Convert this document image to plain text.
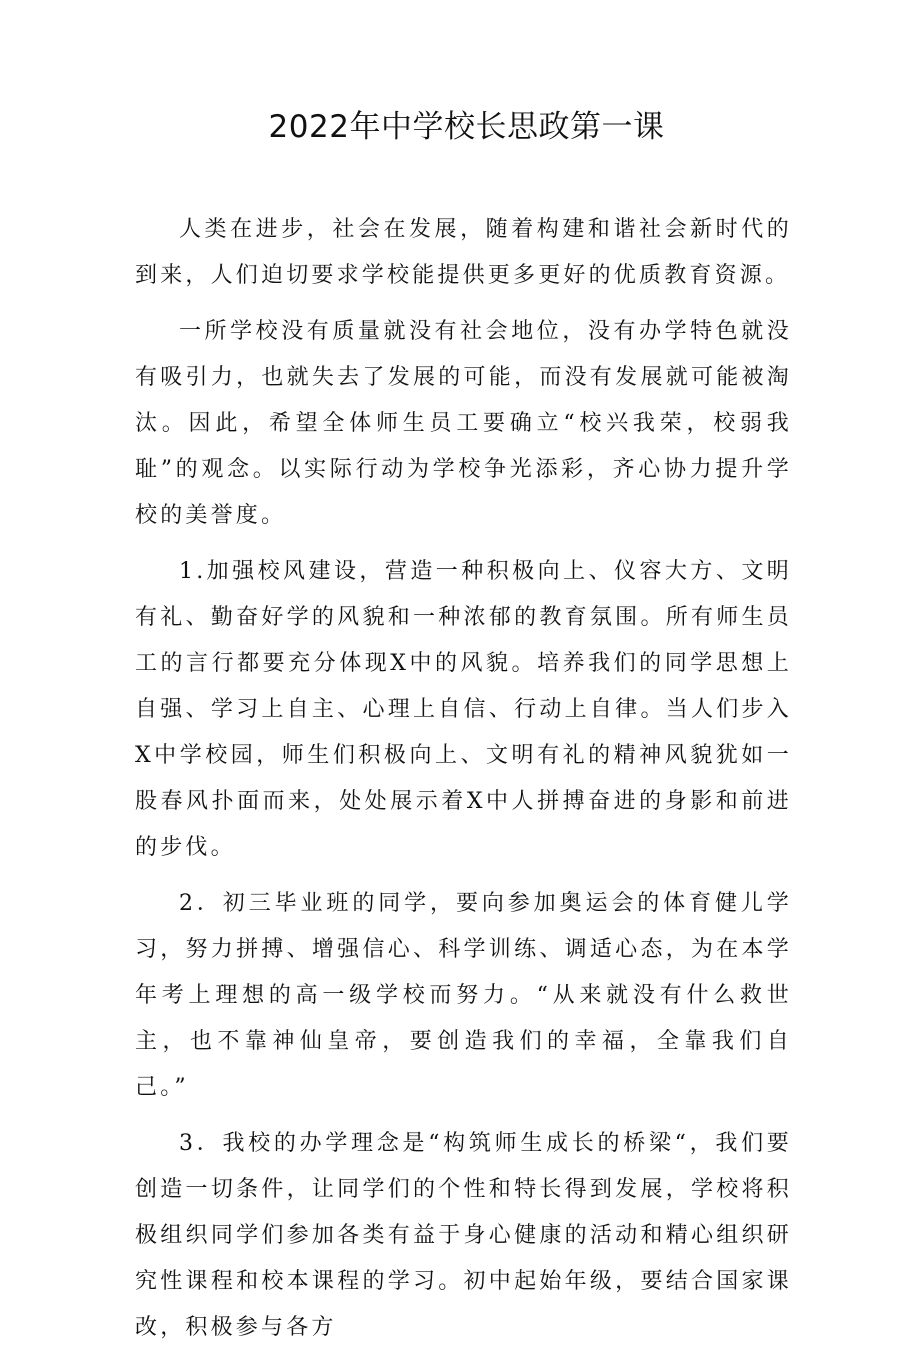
2022年中学校长思政第一课

人类在进步，社会在发展，随着构建和谐社会新时代的到来，人们迫切要求学校能提供更多更好的优质教育资源。

一所学校没有质量就没有社会地位，没有办学特色就没有吸引力，也就失去了发展的可能，而没有发展就可能被淘汰。因此，希望全体师生员工要确立“校兴我荣，校弱我耻”的观念。以实际行动为学校争光添彩，齐心协力提升学校的美誉度。

1.加强校风建设，营造一种积极向上、仪容大方、文明有礼、勤奋好学的风貌和一种浓郁的教育氛围。所有师生员工的言行都要充分体现X中的风貌。培养我们的同学思想上自强、学习上自主、心理上自信、行动上自律。当人们步入X中学校园，师生们积极向上、文明有礼的精神风貌犹如一股春风扑面而来，处处展示着X中人拼搏奋进的身影和前进的步伐。

2．初三毕业班的同学，要向参加奥运会的体育健儿学习，努力拼搏、增强信心、科学训练、调适心态，为在本学年考上理想的高一级学校而努力。“从来就没有什么救世主，也不靠神仙皇帝，要创造我们的幸福，全靠我们自己。”

3．我校的办学理念是“构筑师生成长的桥梁“，我们要创造一切条件，让同学们的个性和特长得到发展，学校将积极组织同学们参加各类有益于身心健康的活动和精心组织研究性课程和校本课程的学习。初中起始年级，要结合国家课改，积极参与各方
